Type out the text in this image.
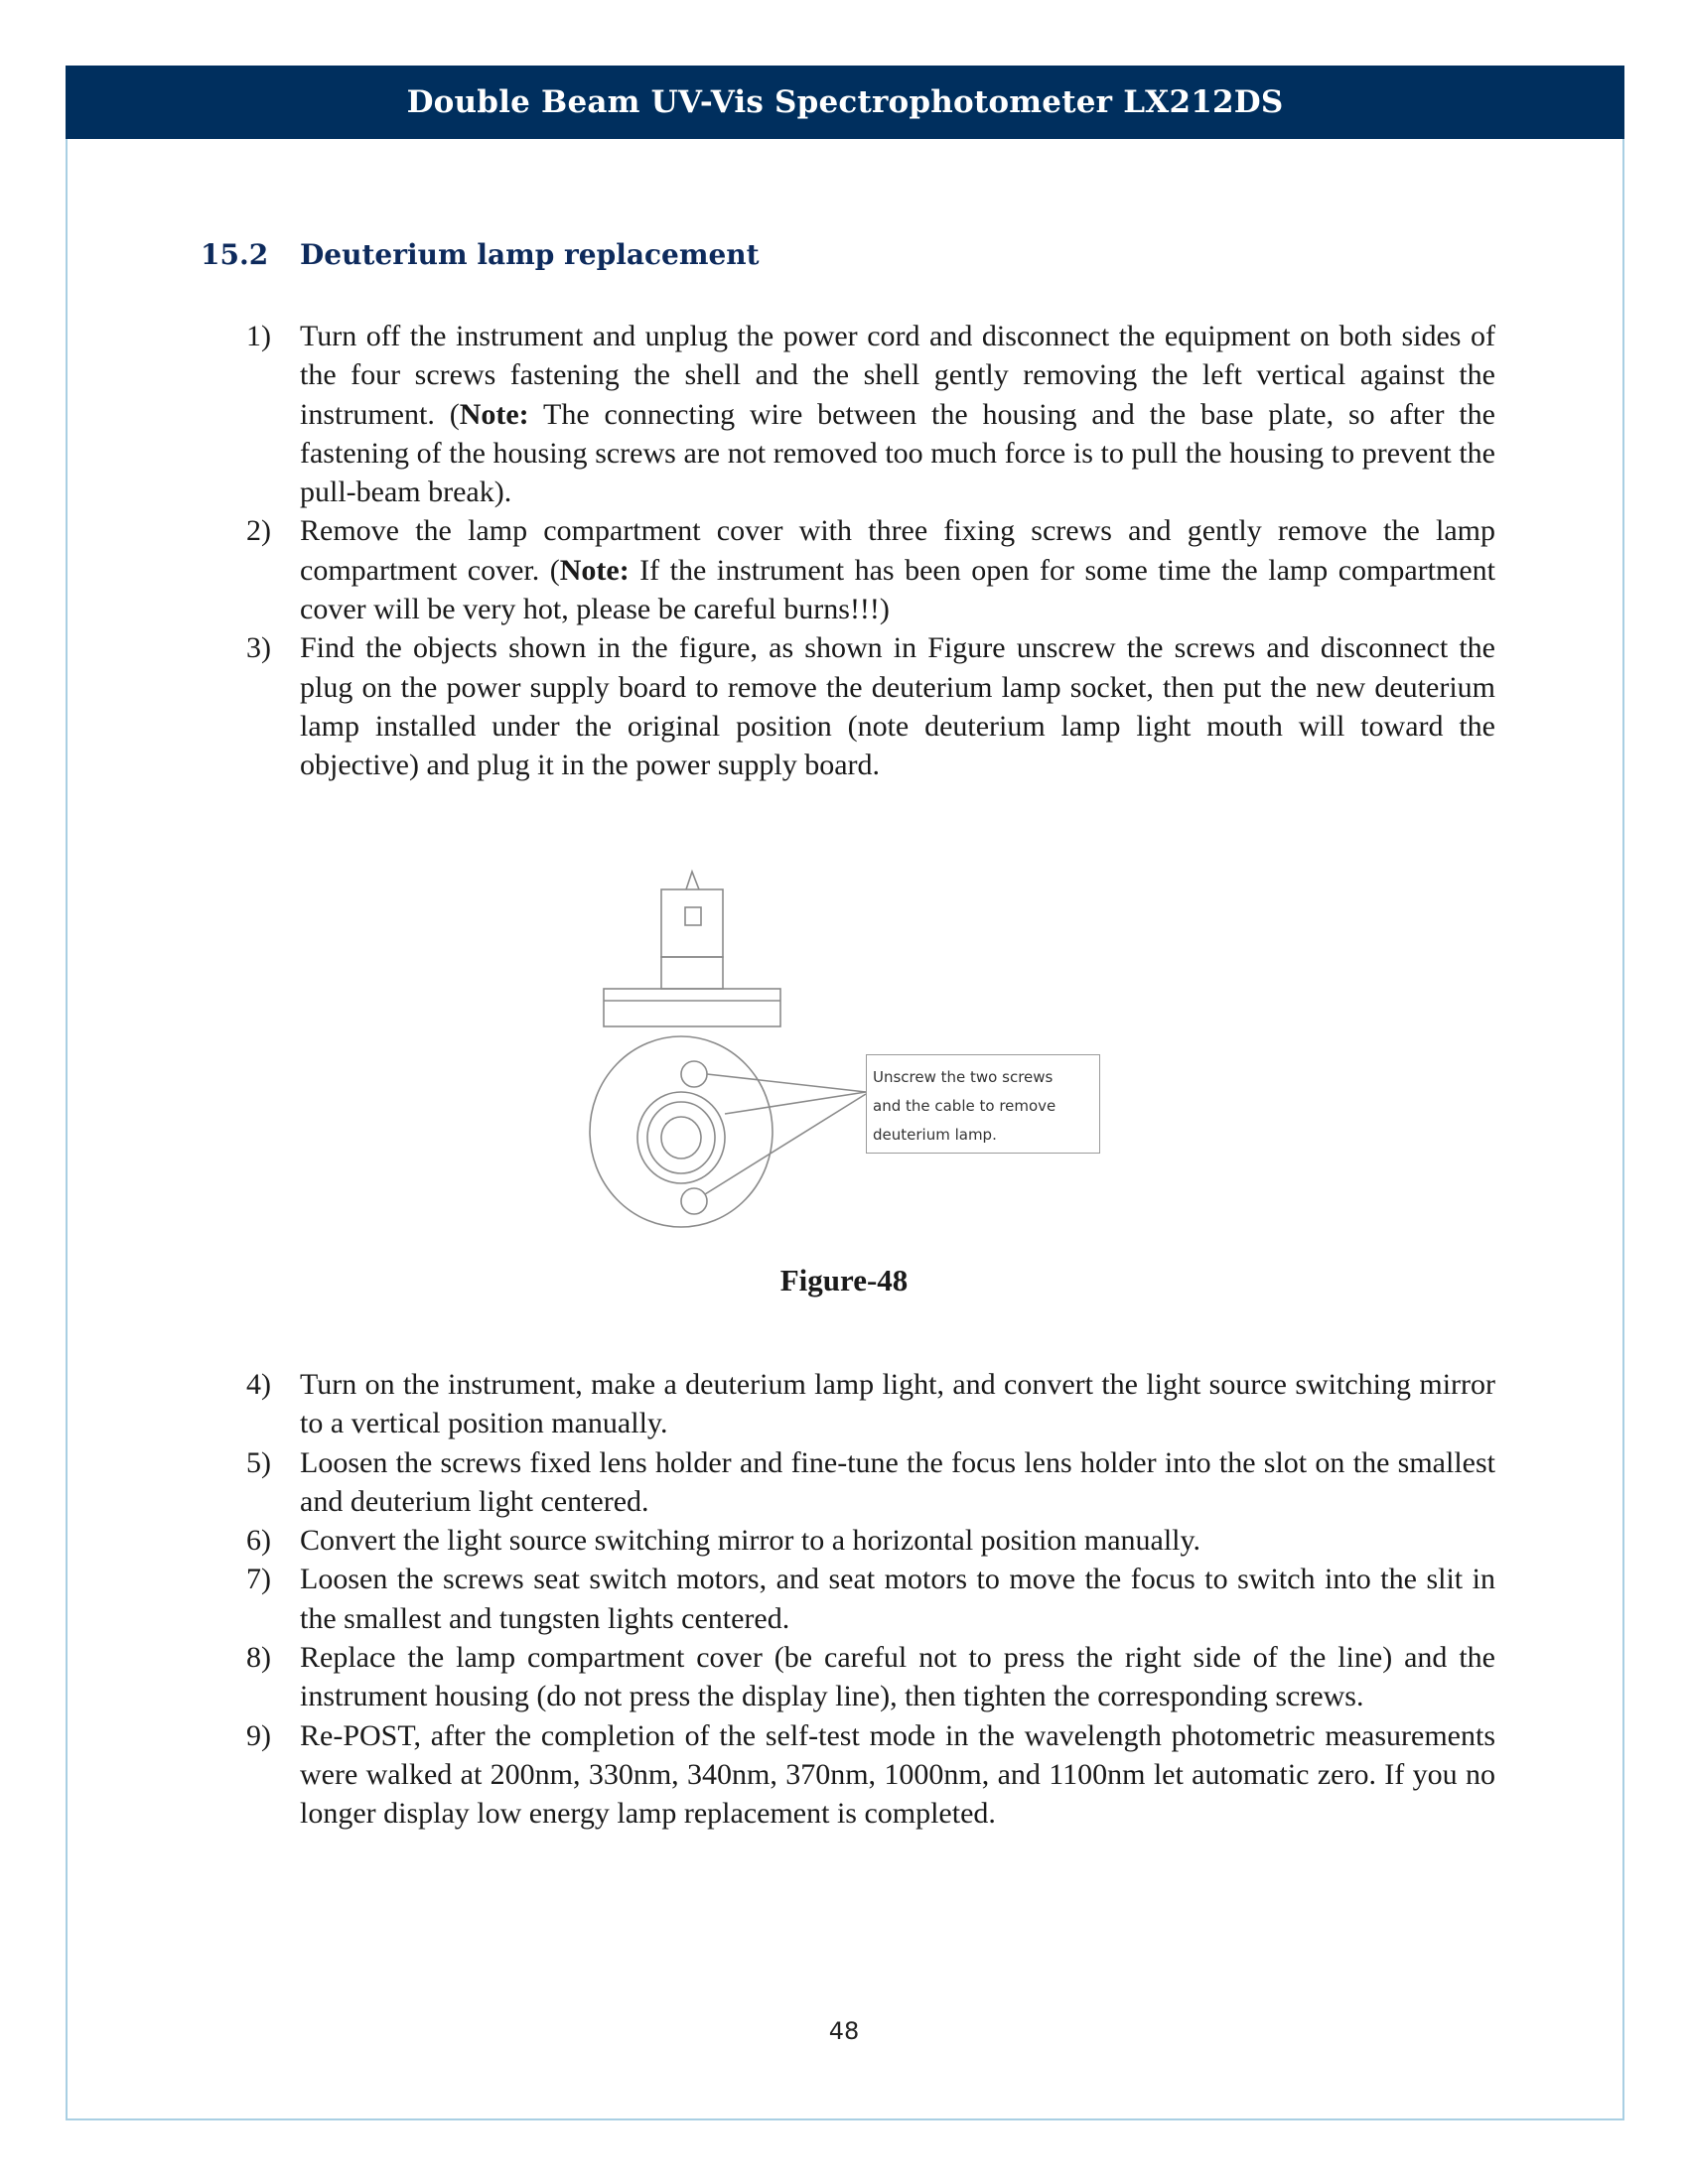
Double Beam UV-Vis Spectrophotometer LX212DS
15.2 Deuterium lamp replacement
1) Turn off the instrument and unplug the power cord and disconnect the equipment on both sides of the four screws fastening the shell and the shell gently removing the left vertical against the instrument. (Note: The connecting wire between the housing and the base plate, so after the fastening of the housing screws are not removed too much force is to pull the housing to prevent the pull-beam break).
2) Remove the lamp compartment cover with three fixing screws and gently remove the lamp compartment cover. (Note: If the instrument has been open for some time the lamp compartment cover will be very hot, please be careful burns!!!)
3) Find the objects shown in the figure, as shown in Figure unscrew the screws and disconnect the plug on the power supply board to remove the deuterium lamp socket, then put the new deuterium lamp installed under the original position (note deuterium lamp light mouth will toward the objective) and plug it in the power supply board.
Unscrew the two screws
and the cable to remove
deuterium lamp.
Figure-48
4) Turn on the instrument, make a deuterium lamp light, and convert the light source switching mirror to a vertical position manually.
5) Loosen the screws fixed lens holder and fine-tune the focus lens holder into the slot on the smallest and deuterium light centered.
6) Convert the light source switching mirror to a horizontal position manually.
7) Loosen the screws seat switch motors, and seat motors to move the focus to switch into the slit in the smallest and tungsten lights centered.
8) Replace the lamp compartment cover (be careful not to press the right side of the line) and the instrument housing (do not press the display line), then tighten the corresponding screws.
9) Re-POST, after the completion of the self-test mode in the wavelength photometric measurements were walked at 200nm, 330nm, 340nm, 370nm, 1000nm, and 1100nm let automatic zero. If you no longer display low energy lamp replacement is completed.
48
